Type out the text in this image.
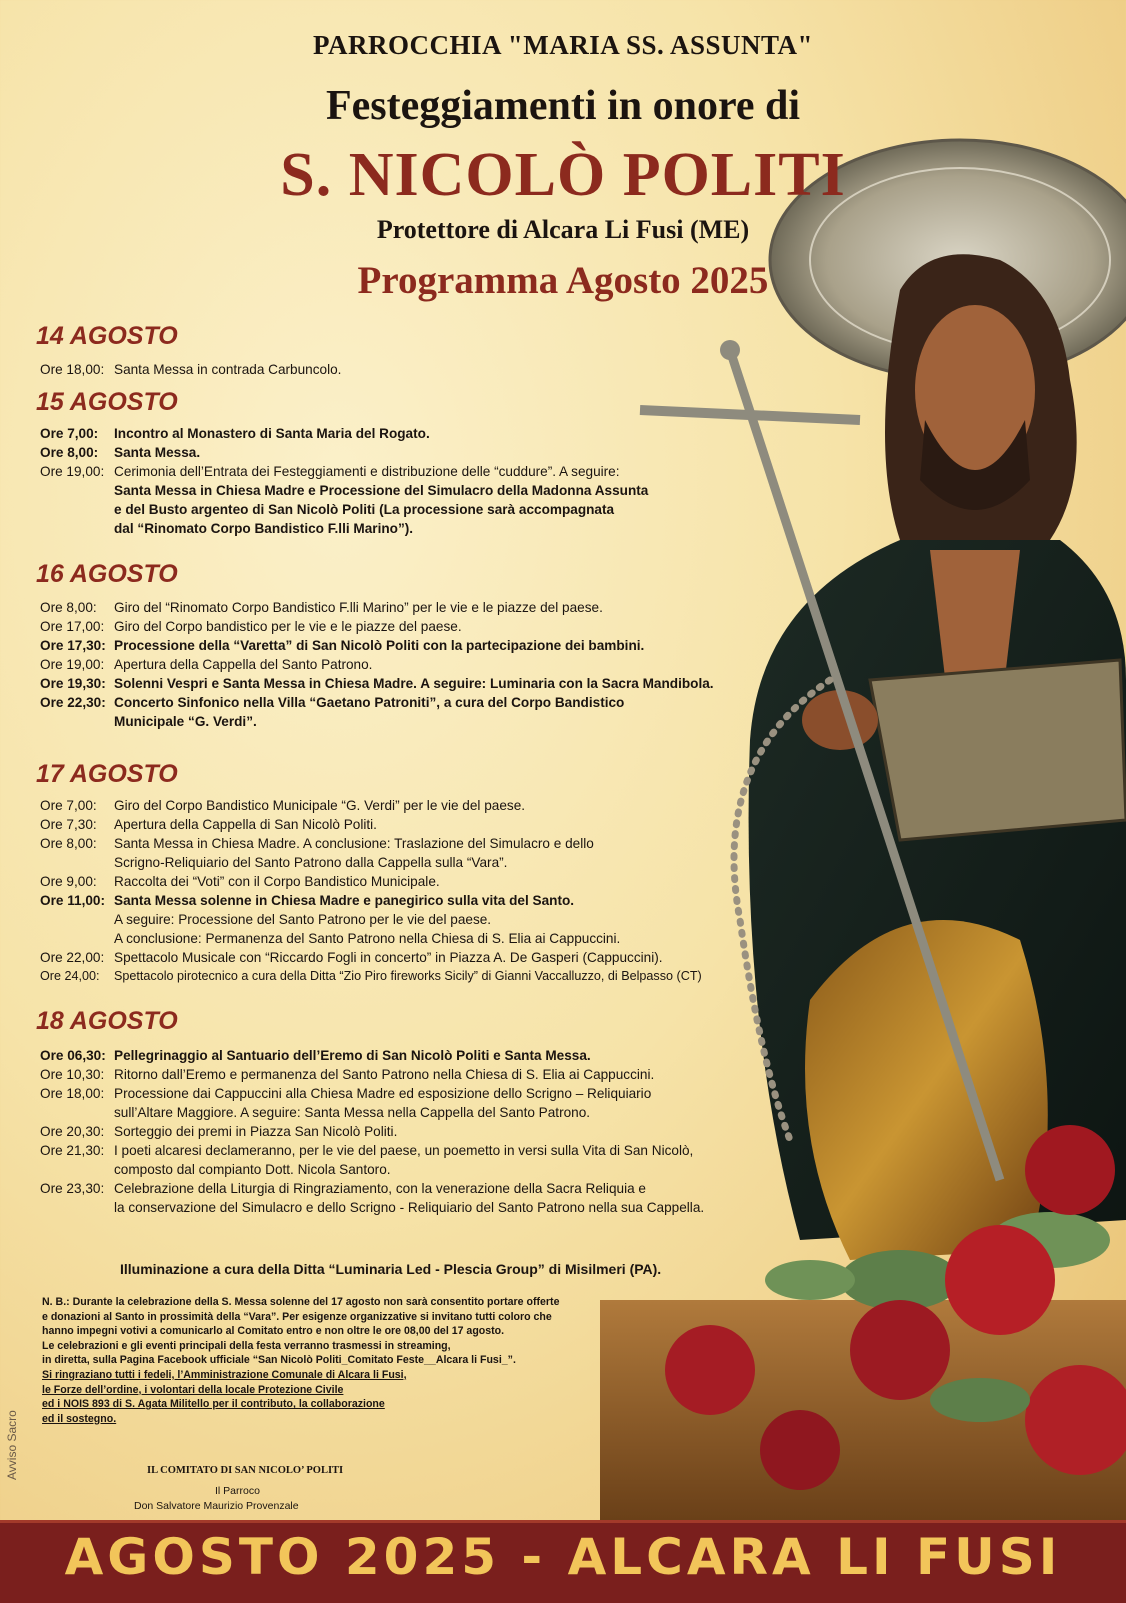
PARROCCHIA "MARIA SS. ASSUNTA"
Festeggiamenti in onore di
S. NICOLÒ POLITI
Protettore di Alcara Li Fusi (ME)
Programma Agosto 2025
14 AGOSTO
Ore 18,00: Santa Messa in contrada Carbuncolo.
15 AGOSTO
Ore 7,00: Incontro al Monastero di Santa Maria del Rogato.
Ore 8,00: Santa Messa.
Ore 19,00: Cerimonia dell’Entrata dei Festeggiamenti e distribuzione delle “cuddure”. A seguire:
Santa Messa in Chiesa Madre e Processione del Simulacro della Madonna Assunta
e del Busto argenteo di San Nicolò Politi (La processione sarà accompagnata
dal “Rinomato Corpo Bandistico F.lli Marino”).
16 AGOSTO
Ore 8,00: Giro del “Rinomato Corpo Bandistico F.lli Marino” per le vie e le piazze del paese.
Ore 17,00: Giro del Corpo bandistico per le vie e le piazze del paese.
Ore 17,30: Processione della “Varetta” di San Nicolò Politi con la partecipazione dei bambini.
Ore 19,00: Apertura della Cappella del Santo Patrono.
Ore 19,30: Solenni Vespri e Santa Messa in Chiesa Madre. A seguire: Luminaria con la Sacra Mandibola.
Ore 22,30: Concerto Sinfonico nella Villa “Gaetano Patroniti”, a cura del Corpo Bandistico
Municipale “G. Verdi”.
17 AGOSTO
Ore 7,00: Giro del Corpo Bandistico Municipale “G. Verdi” per le vie del paese.
Ore 7,30: Apertura della Cappella di San Nicolò Politi.
Ore 8,00: Santa Messa in Chiesa Madre. A conclusione: Traslazione del Simulacro e dello
Scrigno-Reliquiario del Santo Patrono dalla Cappella sulla “Vara”.
Ore 9,00: Raccolta dei “Voti” con il Corpo Bandistico Municipale.
Ore 11,00: Santa Messa solenne in Chiesa Madre e panegirico sulla vita del Santo.
A seguire: Processione del Santo Patrono per le vie del paese.
A conclusione: Permanenza del Santo Patrono nella Chiesa di S. Elia ai Cappuccini.
Ore 22,00: Spettacolo Musicale con “Riccardo Fogli in concerto” in Piazza A. De Gasperi (Cappuccini).
Ore 24,00: Spettacolo pirotecnico a cura della Ditta “Zio Piro fireworks Sicily” di Gianni Vaccalluzzo, di Belpasso (CT)
18 AGOSTO
Ore 06,30: Pellegrinaggio al Santuario dell’Eremo di San Nicolò Politi e Santa Messa.
Ore 10,30: Ritorno dall’Eremo e permanenza del Santo Patrono nella Chiesa di S. Elia ai Cappuccini.
Ore 18,00: Processione dai Cappuccini alla Chiesa Madre ed esposizione dello Scrigno – Reliquiario
sull’Altare Maggiore. A seguire: Santa Messa nella Cappella del Santo Patrono.
Ore 20,30: Sorteggio dei premi in Piazza San Nicolò Politi.
Ore 21,30: I poeti alcaresi declameranno, per le vie del paese, un poemetto in versi sulla Vita di San Nicolò,
composto dal compianto Dott. Nicola Santoro.
Ore 23,30: Celebrazione della Liturgia di Ringraziamento, con la venerazione della Sacra Reliquia e
la conservazione del Simulacro e dello Scrigno - Reliquiario del Santo Patrono nella sua Cappella.
Illuminazione a cura della Ditta “Luminaria Led - Plescia Group” di Misilmeri (PA).
N. B.: Durante la celebrazione della S. Messa solenne del 17 agosto non sarà consentito portare offerte
e donazioni al Santo in prossimità della “Vara”. Per esigenze organizzative si invitano tutti coloro che
hanno impegni votivi a comunicarlo al Comitato entro e non oltre le ore 08,00 del 17 agosto.
Le celebrazioni e gli eventi principali della festa verranno trasmessi in streaming,
in diretta, sulla Pagina Facebook ufficiale “San Nicolò Politi_Comitato Feste__Alcara li Fusi_”.
Si ringraziano tutti i fedeli, l’Amministrazione Comunale di Alcara li Fusi,
le Forze dell’ordine, i volontari della locale Protezione Civile
ed i NOIS 893 di S. Agata Militello per il contributo, la collaborazione
ed il sostegno.
IL COMITATO DI SAN NICOLO’ POLITI
Il Parroco
Don Salvatore Maurizio Provenzale
Avviso Sacro
AGOSTO 2025 - ALCARA LI FUSI
